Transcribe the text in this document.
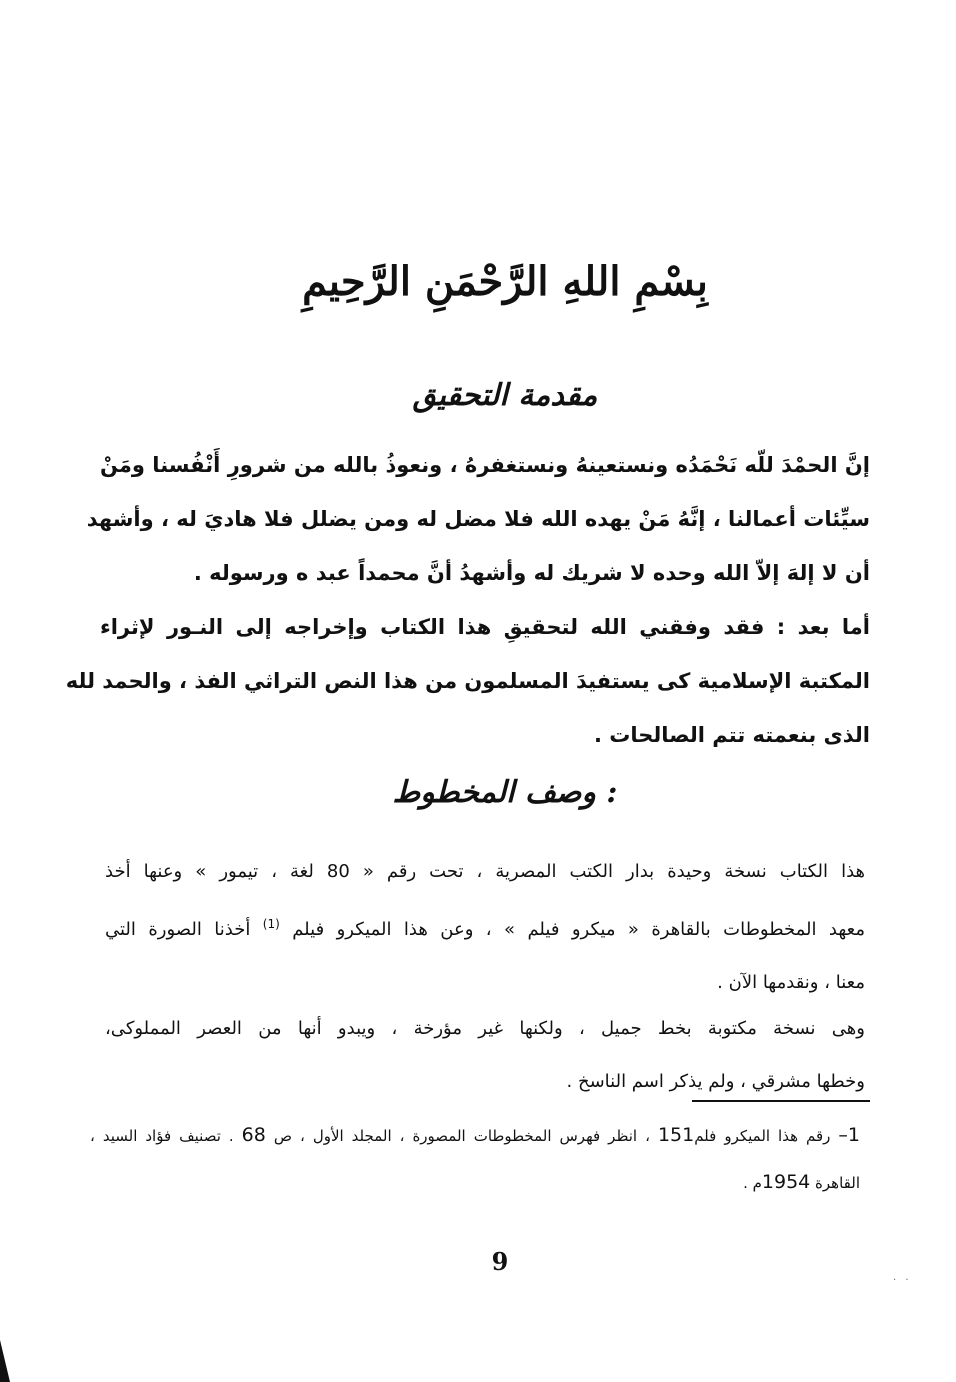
بِسْمِ اللهِ الرَّحْمَنِ الرَّحِيمِ
مقدمة التحقيق
إنَّ الحمْدَ للّه نَحْمَدُه ونستعينهُ ونستغفرهُ ، ونعوذُ بالله من شرورِ أَنْفُسنا ومَنْ
سيِّئات أعمالنا ، إنَّهُ مَنْ يهده الله فلا مضل له ومن يضلل فلا هاديَ له ، وأشهد
أن لا إلهَ إلاّ الله وحده لا شريك له وأشهدُ أنَّ محمداً عبد ه ورسوله .
أما بعد : فقد وفقني الله لتحقيقِ هذا الكتاب وإخراجه إلى النـور لإثراء
المكتبة الإسلامية كى يستفيدَ المسلمون من هذا النص التراثي الفذ ، والحمد لله
الذى بنعمته تتم الصالحات .
وصف المخطوط :
هذا الكتاب نسخة وحيدة بدار الكتب المصرية ، تحت رقم « 80 لغة ، تيمور » وعنها أخذ
معهد المخطوطات بالقاهرة « ميكرو فيلم » ، وعن هذا الميكرو فيلم $^{(1)}$ أخذنا الصورة التي
معنا ، ونقدمها الآن .
وهى نسخة مكتوبة بخط جميل ، ولكنها غير مؤرخة ، ويبدو أنها من العصر المملوكى،
وخطها مشرقي ، ولم يذكر اسم الناسخ .
1– رقم هذا الميكرو فلم151 ، انظر فهرس المخطوطات المصورة ، المجلد الأول ، ص 68 . تصنيف فؤاد السيد ،
القاهرة 1954م .
9
. .
